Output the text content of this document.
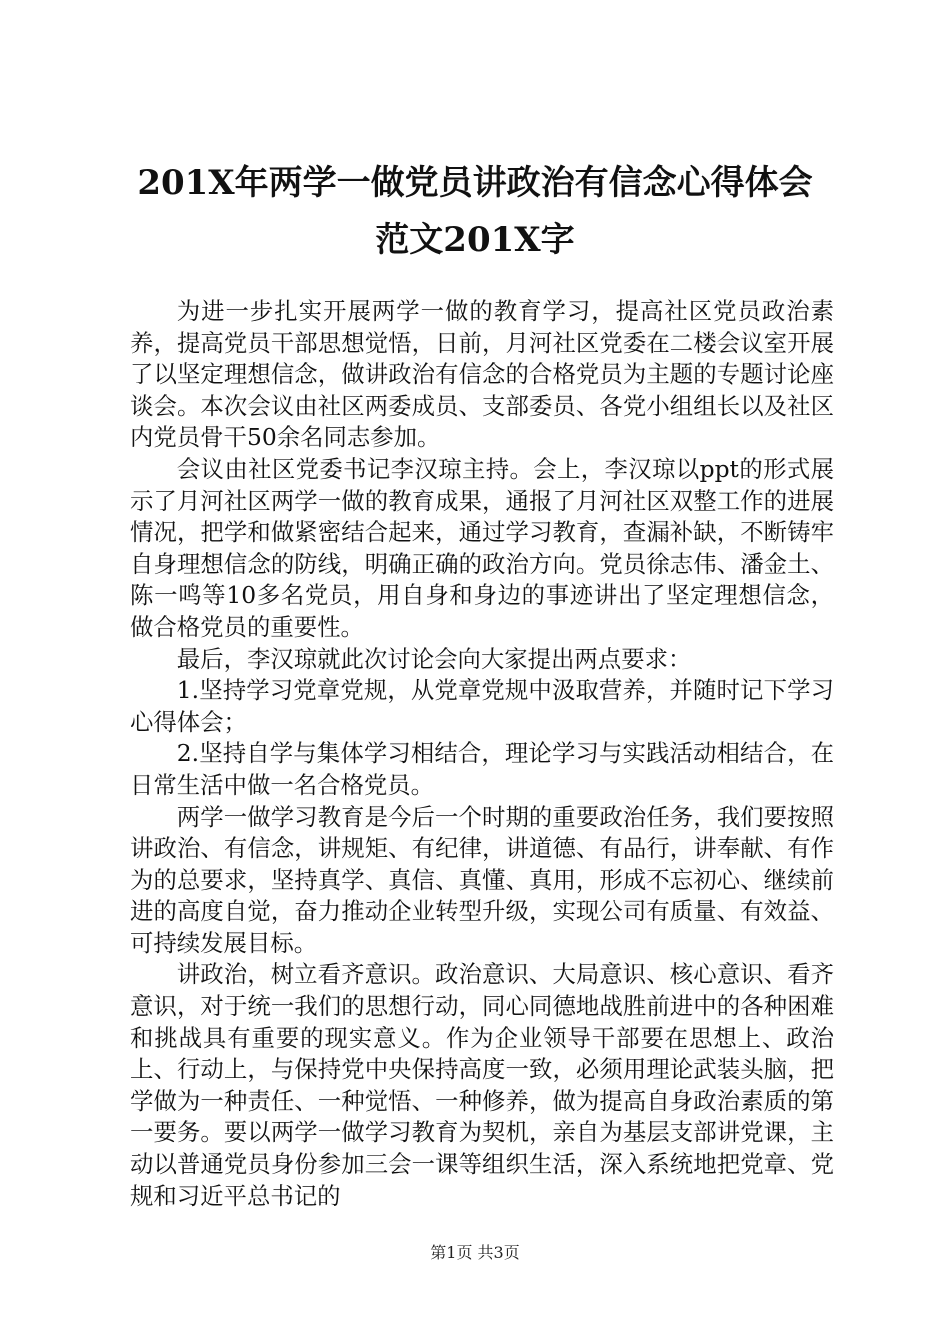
201X年两学一做党员讲政治有信念心得体会
范文201X字

为进一步扎实开展两学一做的教育学习，提高社区党员政治素养，提高党员干部思想觉悟，日前，月河社区党委在二楼会议室开展了以坚定理想信念，做讲政治有信念的合格党员为主题的专题讨论座谈会。本次会议由社区两委成员、支部委员、各党小组组长以及社区内党员骨干50余名同志参加。

会议由社区党委书记李汉琼主持。会上，李汉琼以ppt的形式展示了月河社区两学一做的教育成果，通报了月河社区双整工作的进展情况，把学和做紧密结合起来，通过学习教育，查漏补缺，不断铸牢自身理想信念的防线，明确正确的政治方向。党员徐志伟、潘金土、陈一鸣等10多名党员，用自身和身边的事迹讲出了坚定理想信念，做合格党员的重要性。

最后，李汉琼就此次讨论会向大家提出两点要求：

1.坚持学习党章党规，从党章党规中汲取营养，并随时记下学习心得体会；

2.坚持自学与集体学习相结合，理论学习与实践活动相结合，在日常生活中做一名合格党员。

两学一做学习教育是今后一个时期的重要政治任务，我们要按照讲政治、有信念，讲规矩、有纪律，讲道德、有品行，讲奉献、有作为的总要求，坚持真学、真信、真懂、真用，形成不忘初心、继续前进的高度自觉，奋力推动企业转型升级，实现公司有质量、有效益、可持续发展目标。

讲政治，树立看齐意识。政治意识、大局意识、核心意识、看齐意识，对于统一我们的思想行动，同心同德地战胜前进中的各种困难和挑战具有重要的现实意义。作为企业领导干部要在思想上、政治上、行动上，与保持党中央保持高度一致，必须用理论武装头脑，把学做为一种责任、一种觉悟、一种修养，做为提高自身政治素质的第一要务。要以两学一做学习教育为契机，亲自为基层支部讲党课，主动以普通党员身份参加三会一课等组织生活，深入系统地把党章、党规和习近平总书记的

第1页 共3页
